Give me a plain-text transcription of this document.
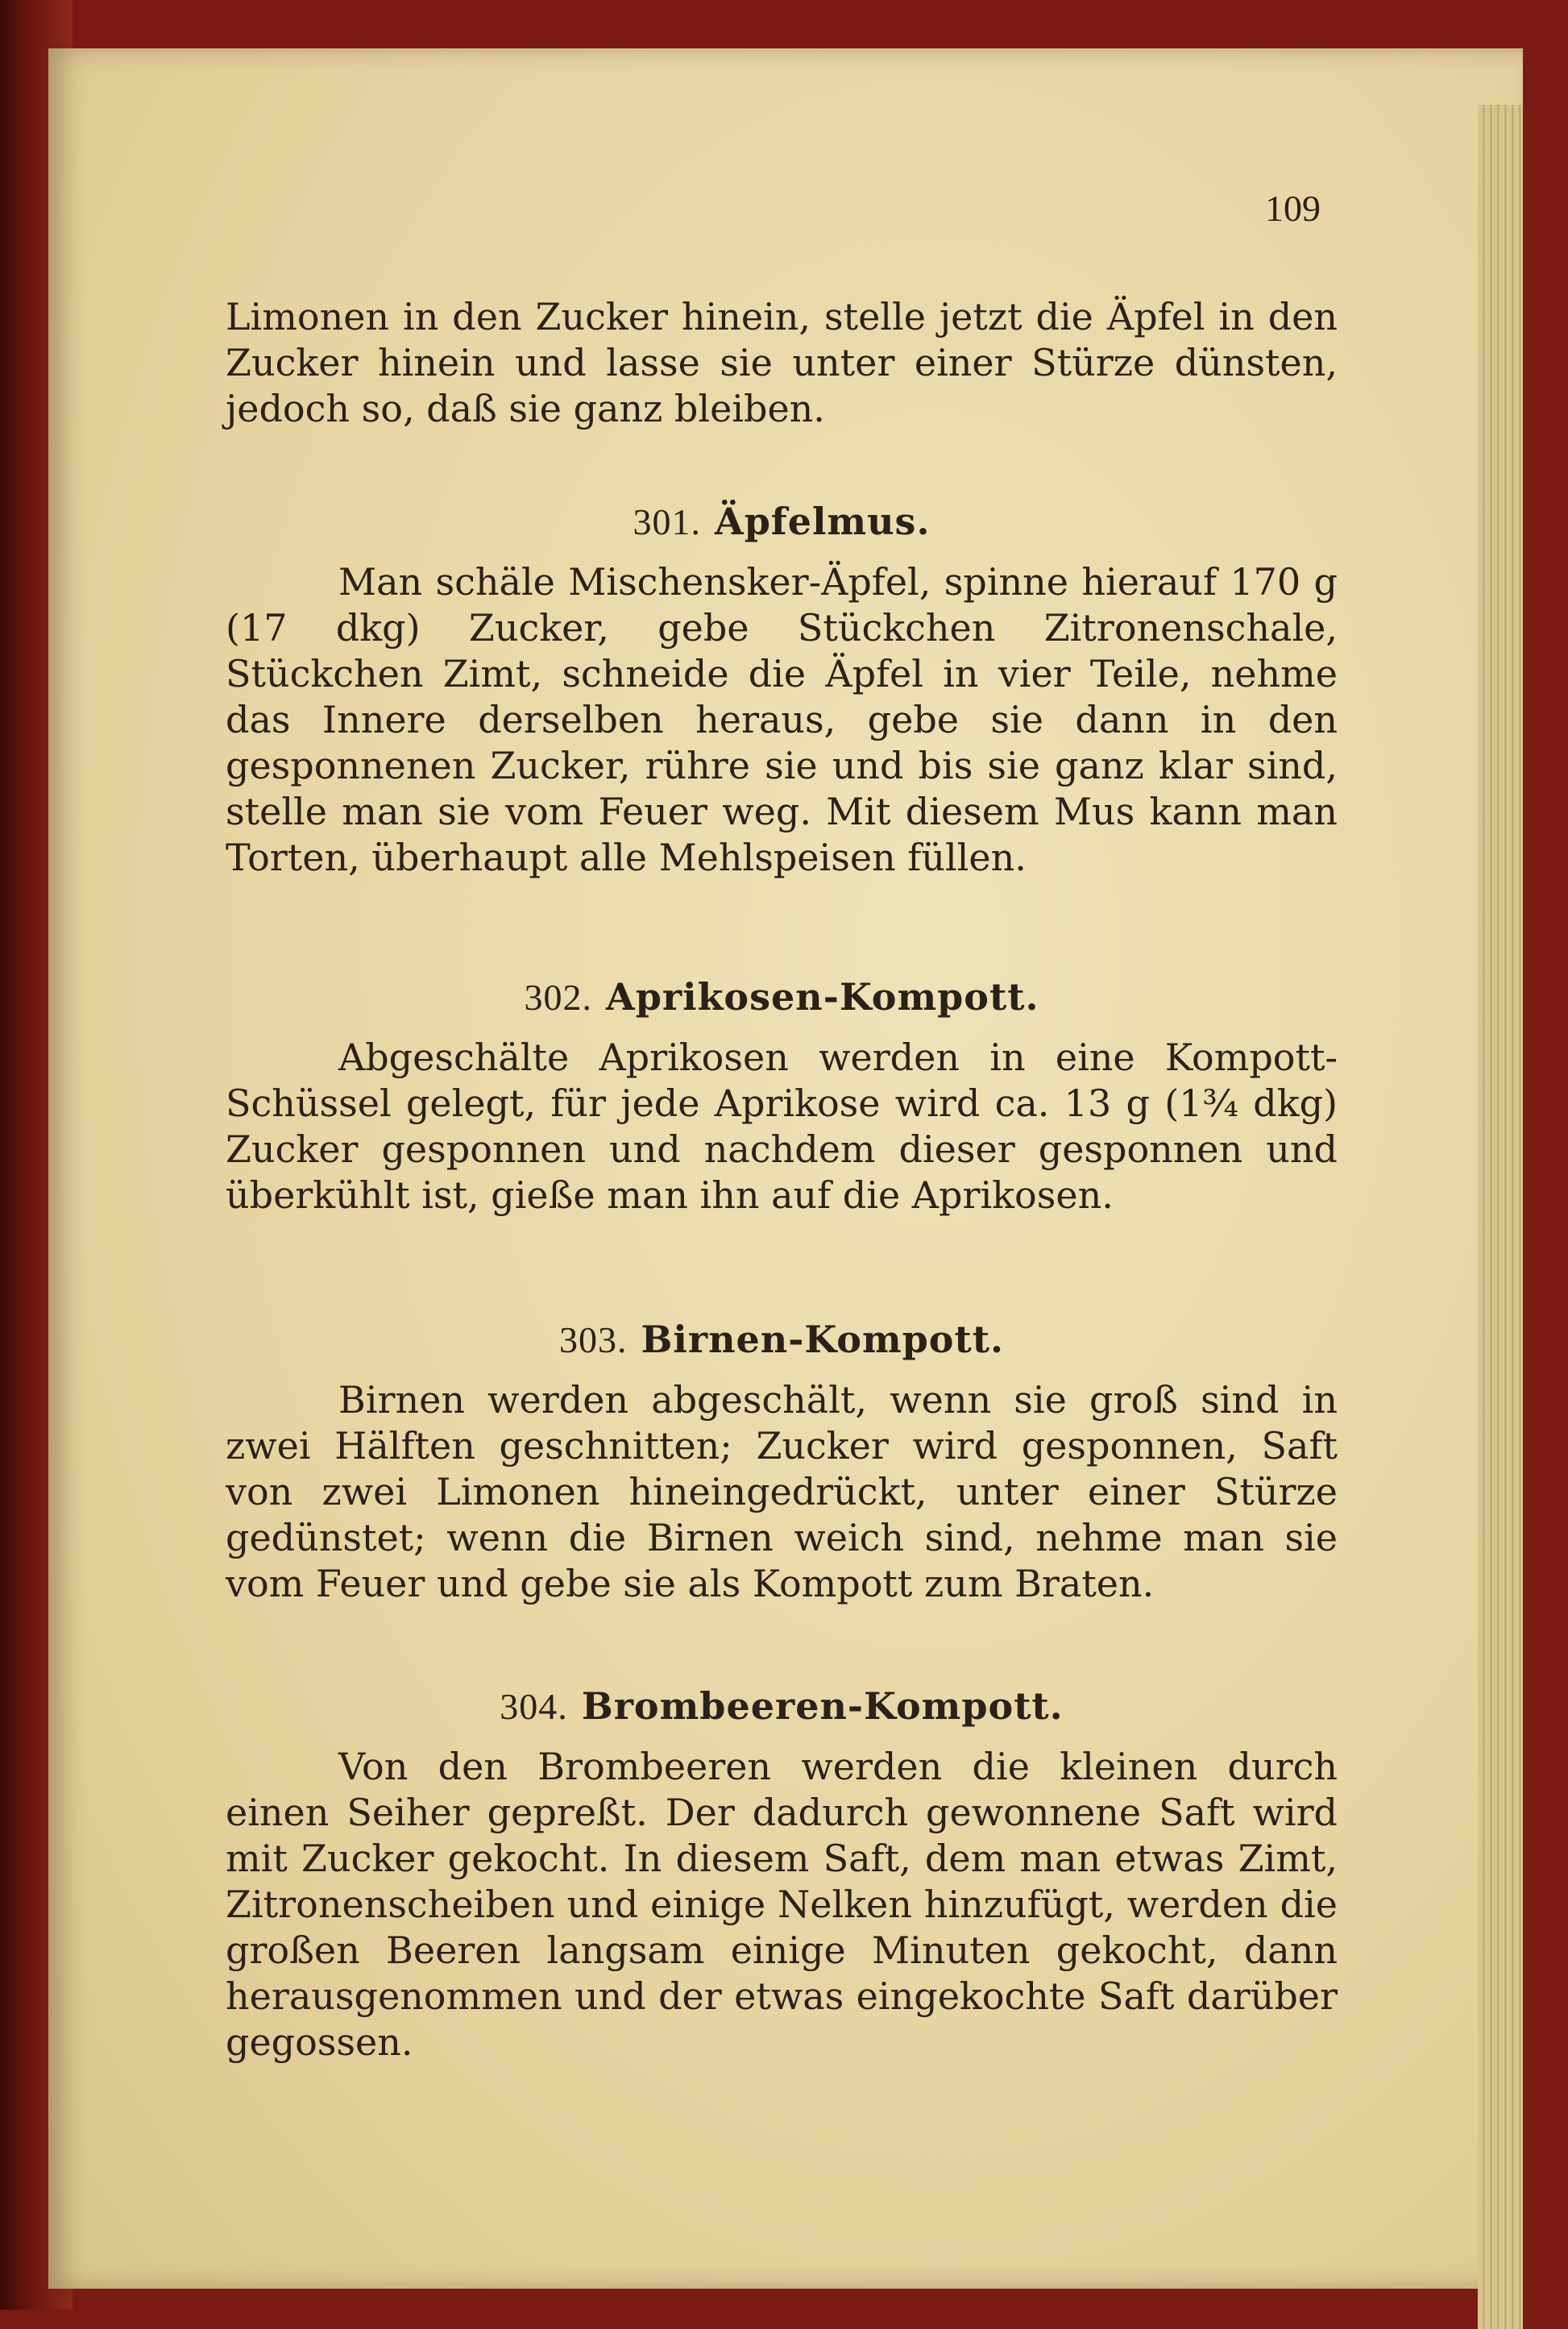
109

Limonen in den Zucker hinein, stelle jetzt die Äpfel in den Zucker hinein und lasse sie unter einer Stürze dünsten, jedoch so, daß sie ganz bleiben.

301. Äpfelmus.

Man schäle Mischensker-Äpfel, spinne hierauf 170 g (17 dkg) Zucker, gebe Stückchen Zitronenschale, Stückchen Zimt, schneide die Äpfel in vier Teile, nehme das Innere derselben heraus, gebe sie dann in den gesponnenen Zucker, rühre sie und bis sie ganz klar sind, stelle man sie vom Feuer weg. Mit diesem Mus kann man Torten, überhaupt alle Mehlspeisen füllen.

302. Aprikosen-Kompott.

Abgeschälte Aprikosen werden in eine Kompott-Schüssel gelegt, für jede Aprikose wird ca. 13 g (1¾ dkg) Zucker gesponnen und nachdem dieser gesponnen und überkühlt ist, gieße man ihn auf die Aprikosen.

303. Birnen-Kompott.

Birnen werden abgeschält, wenn sie groß sind in zwei Hälften geschnitten; Zucker wird gesponnen, Saft von zwei Limonen hineingedrückt, unter einer Stürze gedünstet; wenn die Birnen weich sind, nehme man sie vom Feuer und gebe sie als Kompott zum Braten.

304. Brombeeren-Kompott.

Von den Brombeeren werden die kleinen durch einen Seiher gepreßt. Der dadurch gewonnene Saft wird mit Zucker gekocht. In diesem Saft, dem man etwas Zimt, Zitronenscheiben und einige Nelken hinzufügt, werden die großen Beeren langsam einige Minuten gekocht, dann herausgenommen und der etwas eingekochte Saft darüber gegossen.
